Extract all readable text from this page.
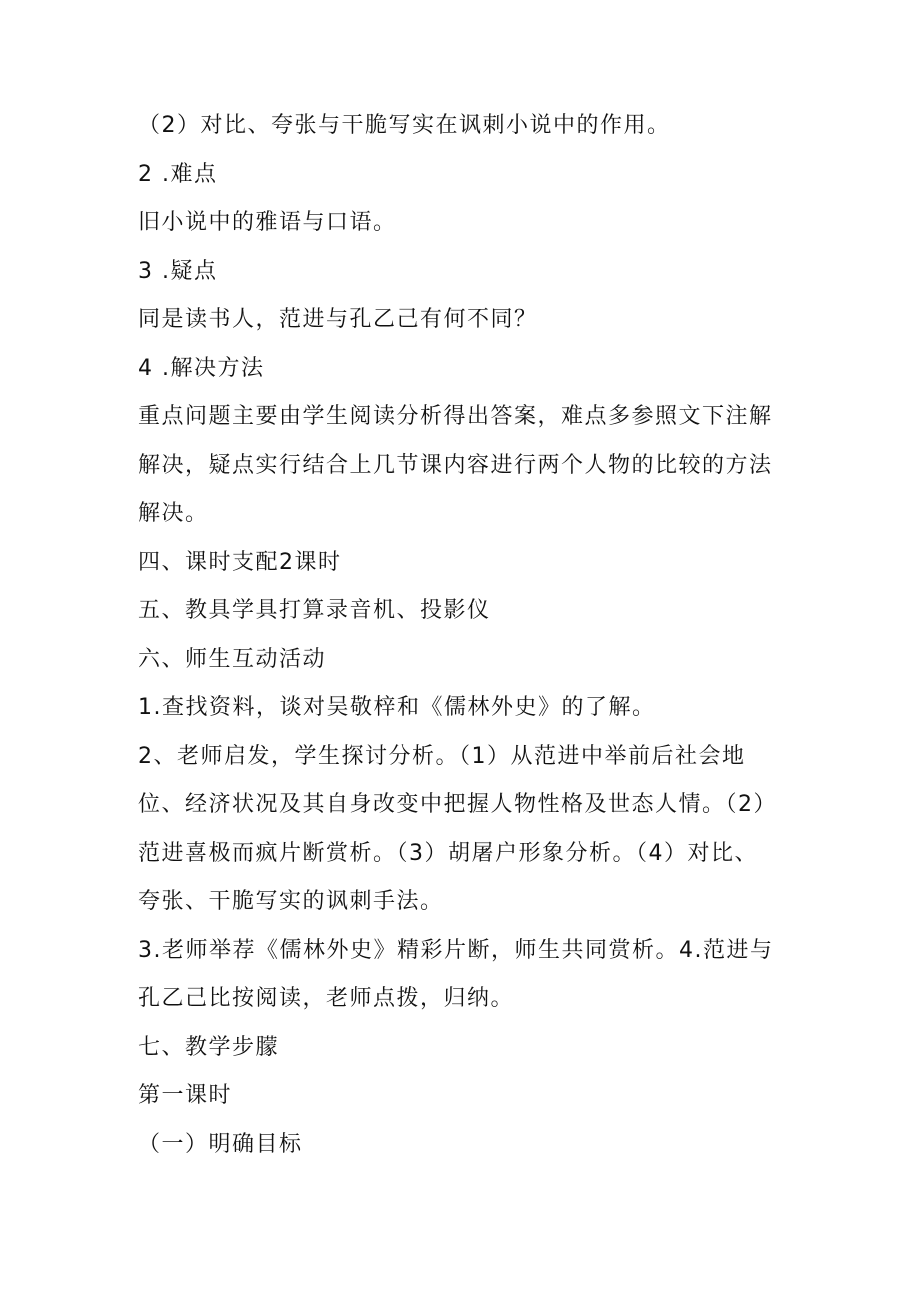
（2）对比、夸张与干脆写实在讽刺小说中的作用。
2 .难点
旧小说中的雅语与口语。
3 .疑点
同是读书人，范进与孔乙己有何不同？
4 .解决方法
重点问题主要由学生阅读分析得出答案，难点多参照文下注解
解决，疑点实行结合上几节课内容进行两个人物的比较的方法
解决。
四、课时支配2课时
五、教具学具打算录音机、投影仪
六、师生互动活动
1.查找资料，谈对吴敬梓和《儒林外史》的了解。
2、老师启发，学生探讨分析。（1）从范进中举前后社会地
位、经济状况及其自身改变中把握人物性格及世态人情。（2）
范进喜极而疯片断赏析。（3）胡屠户形象分析。（4）对比、
夸张、干脆写实的讽刺手法。
3.老师举荐《儒林外史》精彩片断，师生共同赏析。4.范进与
孔乙己比按阅读，老师点拨，归纳。
七、教学步朦
第一课时
（一）明确目标
